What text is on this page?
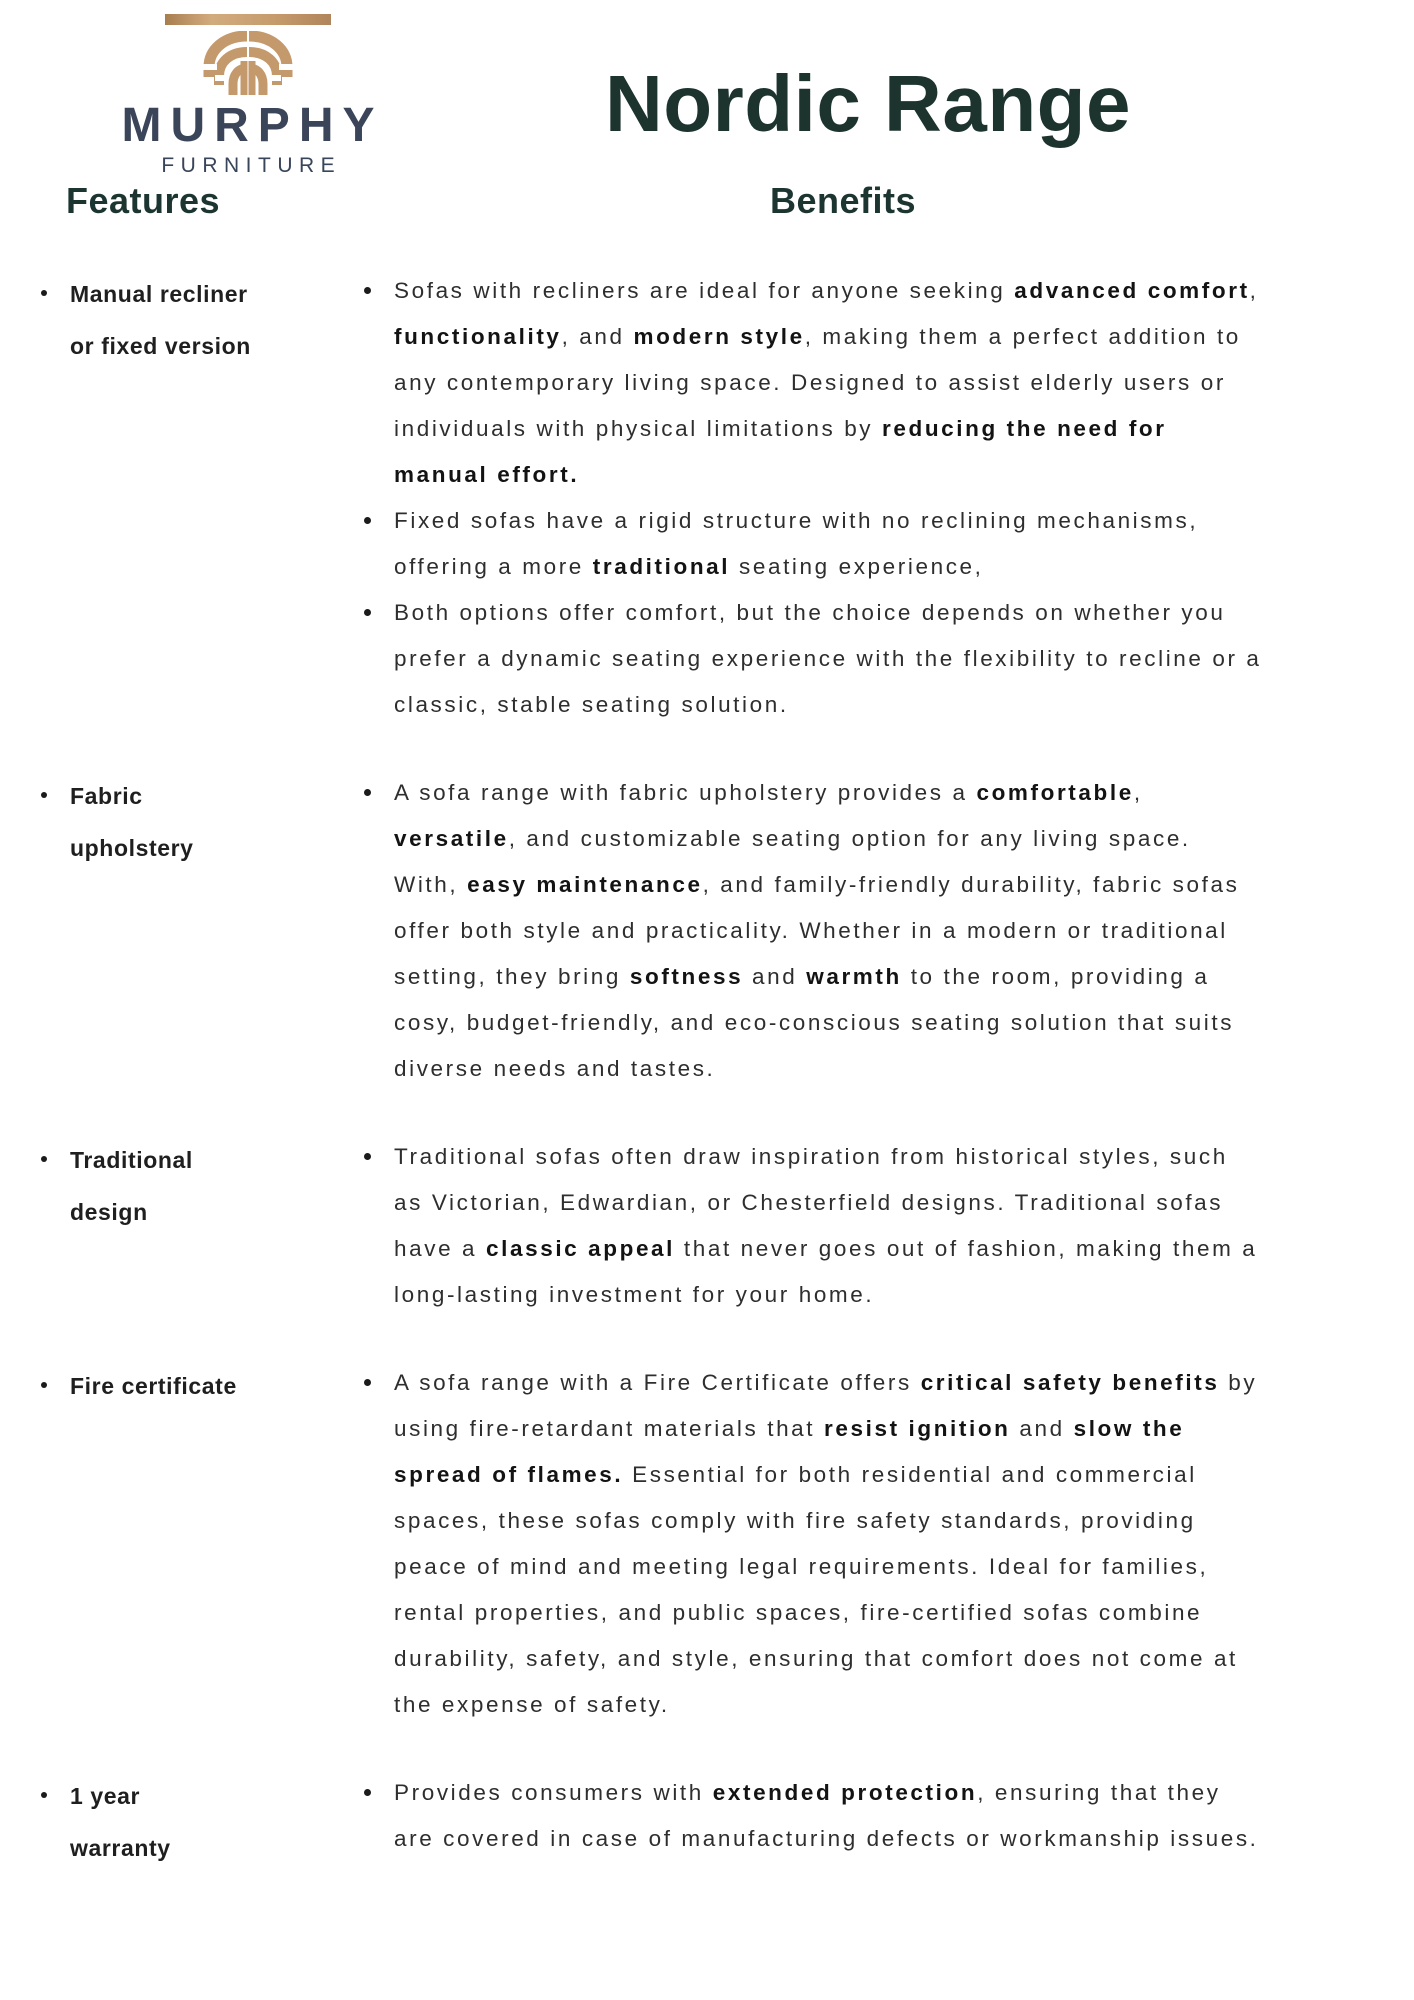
MURPHY
FURNITURE
Nordic Range
Features	Benefits
Manual recliner
or fixed version

Sofas with recliners are ideal for anyone seeking advanced comfort, functionality, and modern style, making them a perfect addition to any contemporary living space. Designed to assist elderly users or individuals with physical limitations by reducing the need for manual effort.

Fixed sofas have a rigid structure with no reclining mechanisms, offering a more traditional seating experience,

Both options offer comfort, but the choice depends on whether you prefer a dynamic seating experience with the flexibility to recline or a classic, stable seating solution.

Fabric
upholstery

A sofa range with fabric upholstery provides a comfortable, versatile, and customizable seating option for any living space. With, easy maintenance, and family-friendly durability, fabric sofas offer both style and practicality. Whether in a modern or traditional setting, they bring softness and warmth to the room, providing a cosy, budget-friendly, and eco-conscious seating solution that suits diverse needs and tastes.

Traditional
design

Traditional sofas often draw inspiration from historical styles, such as Victorian, Edwardian, or Chesterfield designs. Traditional sofas have a classic appeal that never goes out of fashion, making them a long-lasting investment for your home.

Fire certificate	A sofa range with a Fire Certificate offers critical safety benefits by using fire-retardant materials that resist ignition and slow the spread of flames. Essential for both residential and commercial spaces, these sofas comply with fire safety standards, providing peace of mind and meeting legal requirements. Ideal for families, rental properties, and public spaces, fire-certified sofas combine durability, safety, and style, ensuring that comfort does not come at the expense of safety.

1 year
warranty

Provides consumers with extended protection, ensuring that they are covered in case of manufacturing defects or workmanship issues.
